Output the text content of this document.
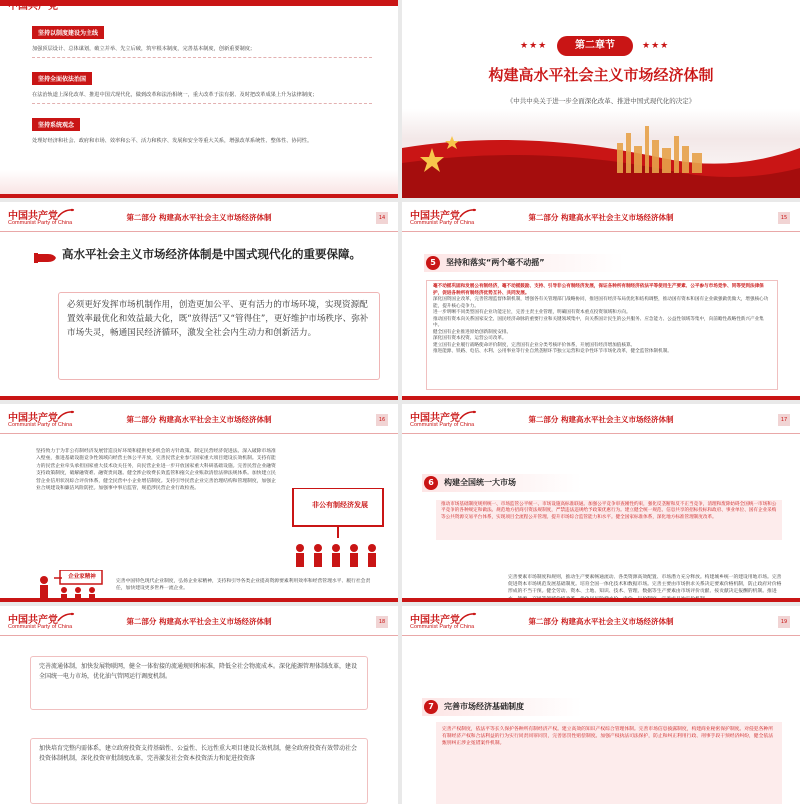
中国共产党
坚持以制度建设为主线
加强顶层设计、总体谋划，破立并举、先立后破，筑牢根本制度，完善基本制度，创新重要制度；
坚持全面依法治国
在法治轨道上深化改革、推进中国式现代化，做到改革和法治相统一，重大改革于法有据、及时把改革成果上升为法律制度；
坚持系统观念
处理好经济和社会、政府和市场、效率和公平、活力和秩序、发展和安全等重大关系，增强改革系统性、整体性、协同性。
★★★	第二章节	★★★
构建高水平社会主义市场经济体制
《中共中央关于进一步全面深化改革、推进中国式现代化的决定》
中国共产党
Communist Party of China
第二部分 构建高水平社会主义市场经济体制	14
高水平社会主义市场经济体制是中国式现代化的重要保障。
必须更好发挥市场机制作用，创造更加公平、更有活力的市场环境，实现资源配置效率最优化和效益最大化，既“放得活”又“管得住”，更好维护市场秩序、弥补市场失灵，畅通国民经济循环，激发全社会内生动力和创新活力。
中国共产党
Communist Party of China
第二部分 构建高水平社会主义市场经济体制	15
坚持和落实“两个毫不动摇”
5
毫不动摇巩固和发展公有制经济，毫不动摇鼓励、支持、引导非公有制经济发展，保证各种所有制经济依法平等使用生产要素、公平参与市场竞争、同等受到法律保护，促进各种所有制经济优势互补、共同发展。
深化国资国企改革，完善管理监督体制机制，增强各有关管理部门战略协同，推进国有经济布局优化和结构调整，推动国有资本和国有企业做强做优做大，增强核心功能，提升核心竞争力。
进一步明晰不同类型国有企业功能定位，完善主责主业管理，明确国有资本重点投资领域和方向。
推动国有资本向关系国家安全、国民经济命脉的重要行业和关键领域集中，向关系国计民生的公共服务、应急能力、公益性领域等集中，向前瞻性战略性新兴产业集中。
健全国有企业推进原始创新制度安排。
深化国有资本投资、运营公司改革。
建立国有企业履行战略使命评价制度，完善国有企业分类考核评价体系，开展国有经济增加值核算。
推进能源、铁路、电信、水利、公用事业等行业自然垄断环节独立运营和竞争性环节市场化改革，健全监管体制机制。
中国共产党
Communist Party of China
第二部分 构建高水平社会主义市场经济体制	16
坚持致力于为非公有制经济发展营造良好环境和提供更多机会的方针政策。制定民营经济促进法。深入破除市场准入壁垒，推进基础设施竞争性领域向经营主体公平开放，完善民营企业参与国家重大项目建设长效机制。支持有能力的民营企业牵头承担国家重大技术攻关任务，向民营企业进一步开放国家重大科研基础设施。完善民营企业融资支持政策制度，破解融资难、融资贵问题。健全涉企收费长效监管和拖欠企业账款清偿法律法规体系。加快建立民营企业信用状况综合评价体系，健全民营中小企业增信制度。支持引导民营企业完善治理结构和管理制度，加强企业合规建设和廉洁风险防控。加强事中事后监管，规范涉民营企业行政检查。
非公有制经济发展
企业家精神
完善中国特色现代企业制度，弘扬企业家精神，支持和引导各类企业提高资源要素利用效率和经营管理水平、履行社会责任，加快建设更多世界一流企业。
中国共产党
Communist Party of China
第二部分 构建高水平社会主义市场经济体制	17
构建全国统一大市场
6
推动市场基础制度规则统一、市场监管公平统一、市场设施高标准联通。加强公平竞争审查刚性约束，强化反垄断和反不正当竞争，清理和废除妨碍全国统一市场和公平竞争的各种规定和做法。规范地方招商引资法规制度，严禁违法违规给予政策优惠行为。建立健全统一规范、信息共享的招标投标和政府、事业单位、国有企业采购等公共资源交易平台体系，实现项目全流程公开管理。提升市场综合监管能力和水平。健全国家标准体系，深化地方标准管理制度改革。
完善要素市场制度和规则，推动生产要素畅通流动、各类资源高效配置、市场潜力充分释放。构建城乡统一的建设用地市场。完善促进资本市场规范发展基础制度。培育全国一体化技术和数据市场。完善主要由市场供求关系决定要素价格机制，防止政府对价格形成的不当干预。健全劳动、资本、土地、知识、技术、管理、数据等生产要素由市场评价贡献、按贡献决定报酬的机制。推进
中国共产党
Communist Party of China
第二部分 构建高水平社会主义市场经济体制	18
完善流通体制，加快发展物联网，健全一体衔接的流通规则和标准，降低全社会物流成本。深化能源管理体制改革，建设全国统一电力市场，优化油气管网运行调度机制。
加快培育完整内需体系，建立政府投资支持基础性、公益性、长远性重大项目建设长效机制，健全政府投资有效带动社会投资体制机制，深化投资审批制度改革，完善激发社会资本投资活力和促进投资落
中国共产党
Communist Party of China
第二部分 构建高水平社会主义市场经济体制	19
完善市场经济基础制度
7
完善产权制度，依法平等长久保护各种所有制经济产权。建立高效的知识产权综合管理体制。完善市场信息披露制度，构建商业秘密保护制度。对侵犯各种所有制经济产权和合法利益的行为实行同责同罪同罚，完善惩罚性赔偿制度。加强产权执法司法保护，防止和纠正利用行政、刑事手段干预经济纠纷，健全依法甄别纠正涉企冤错案件机制。
